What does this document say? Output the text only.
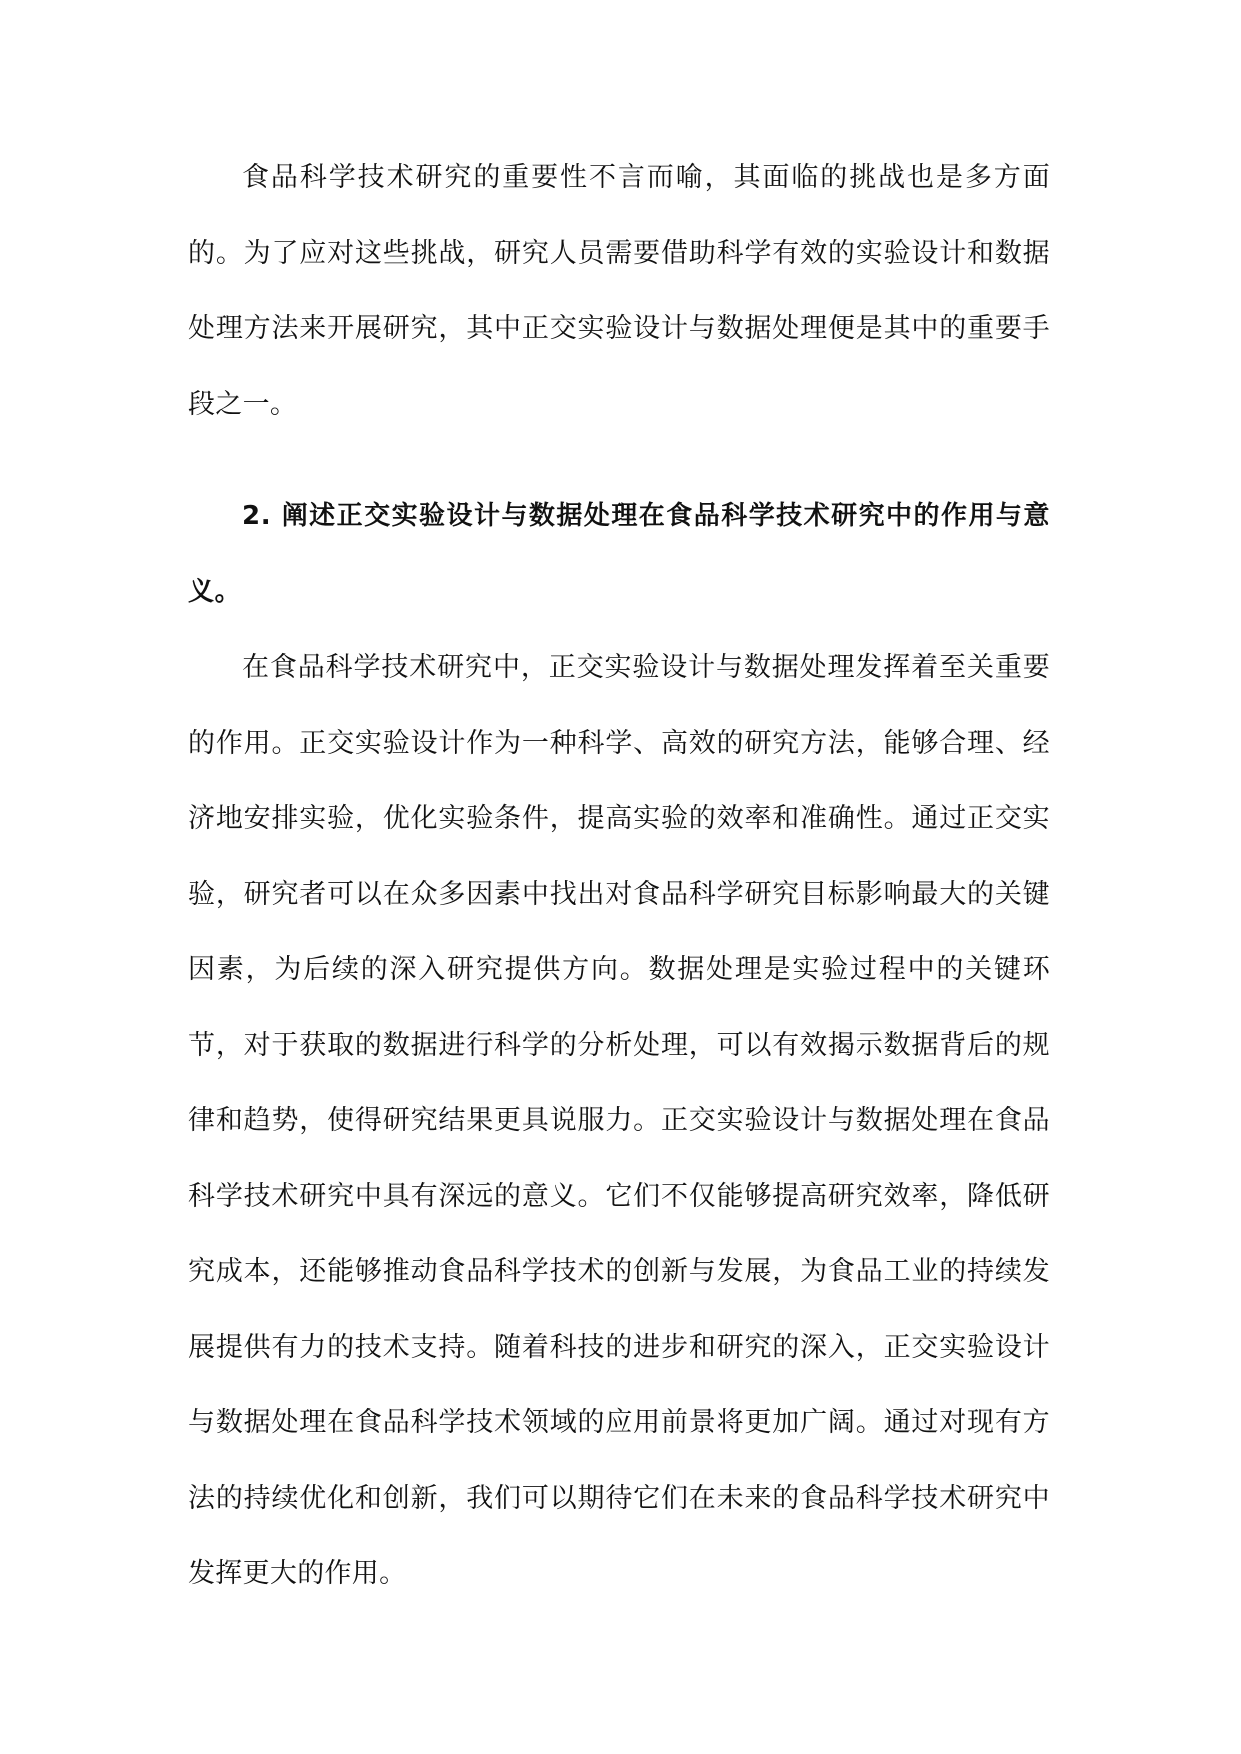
食品科学技术研究的重要性不言而喻，其面临的挑战也是多方面的。为了应对这些挑战，研究人员需要借助科学有效的实验设计和数据处理方法来开展研究，其中正交实验设计与数据处理便是其中的重要手段之一。

2. 阐述正交实验设计与数据处理在食品科学技术研究中的作用与意义。

在食品科学技术研究中，正交实验设计与数据处理发挥着至关重要的作用。正交实验设计作为一种科学、高效的研究方法，能够合理、经济地安排实验，优化实验条件，提高实验的效率和准确性。通过正交实验，研究者可以在众多因素中找出对食品科学研究目标影响最大的关键因素，为后续的深入研究提供方向。数据处理是实验过程中的关键环节，对于获取的数据进行科学的分析处理，可以有效揭示数据背后的规律和趋势，使得研究结果更具说服力。正交实验设计与数据处理在食品科学技术研究中具有深远的意义。它们不仅能够提高研究效率，降低研究成本，还能够推动食品科学技术的创新与发展，为食品工业的持续发展提供有力的技术支持。随着科技的进步和研究的深入，正交实验设计与数据处理在食品科学技术领域的应用前景将更加广阔。通过对现有方法的持续优化和创新，我们可以期待它们在未来的食品科学技术研究中发挥更大的作用。
